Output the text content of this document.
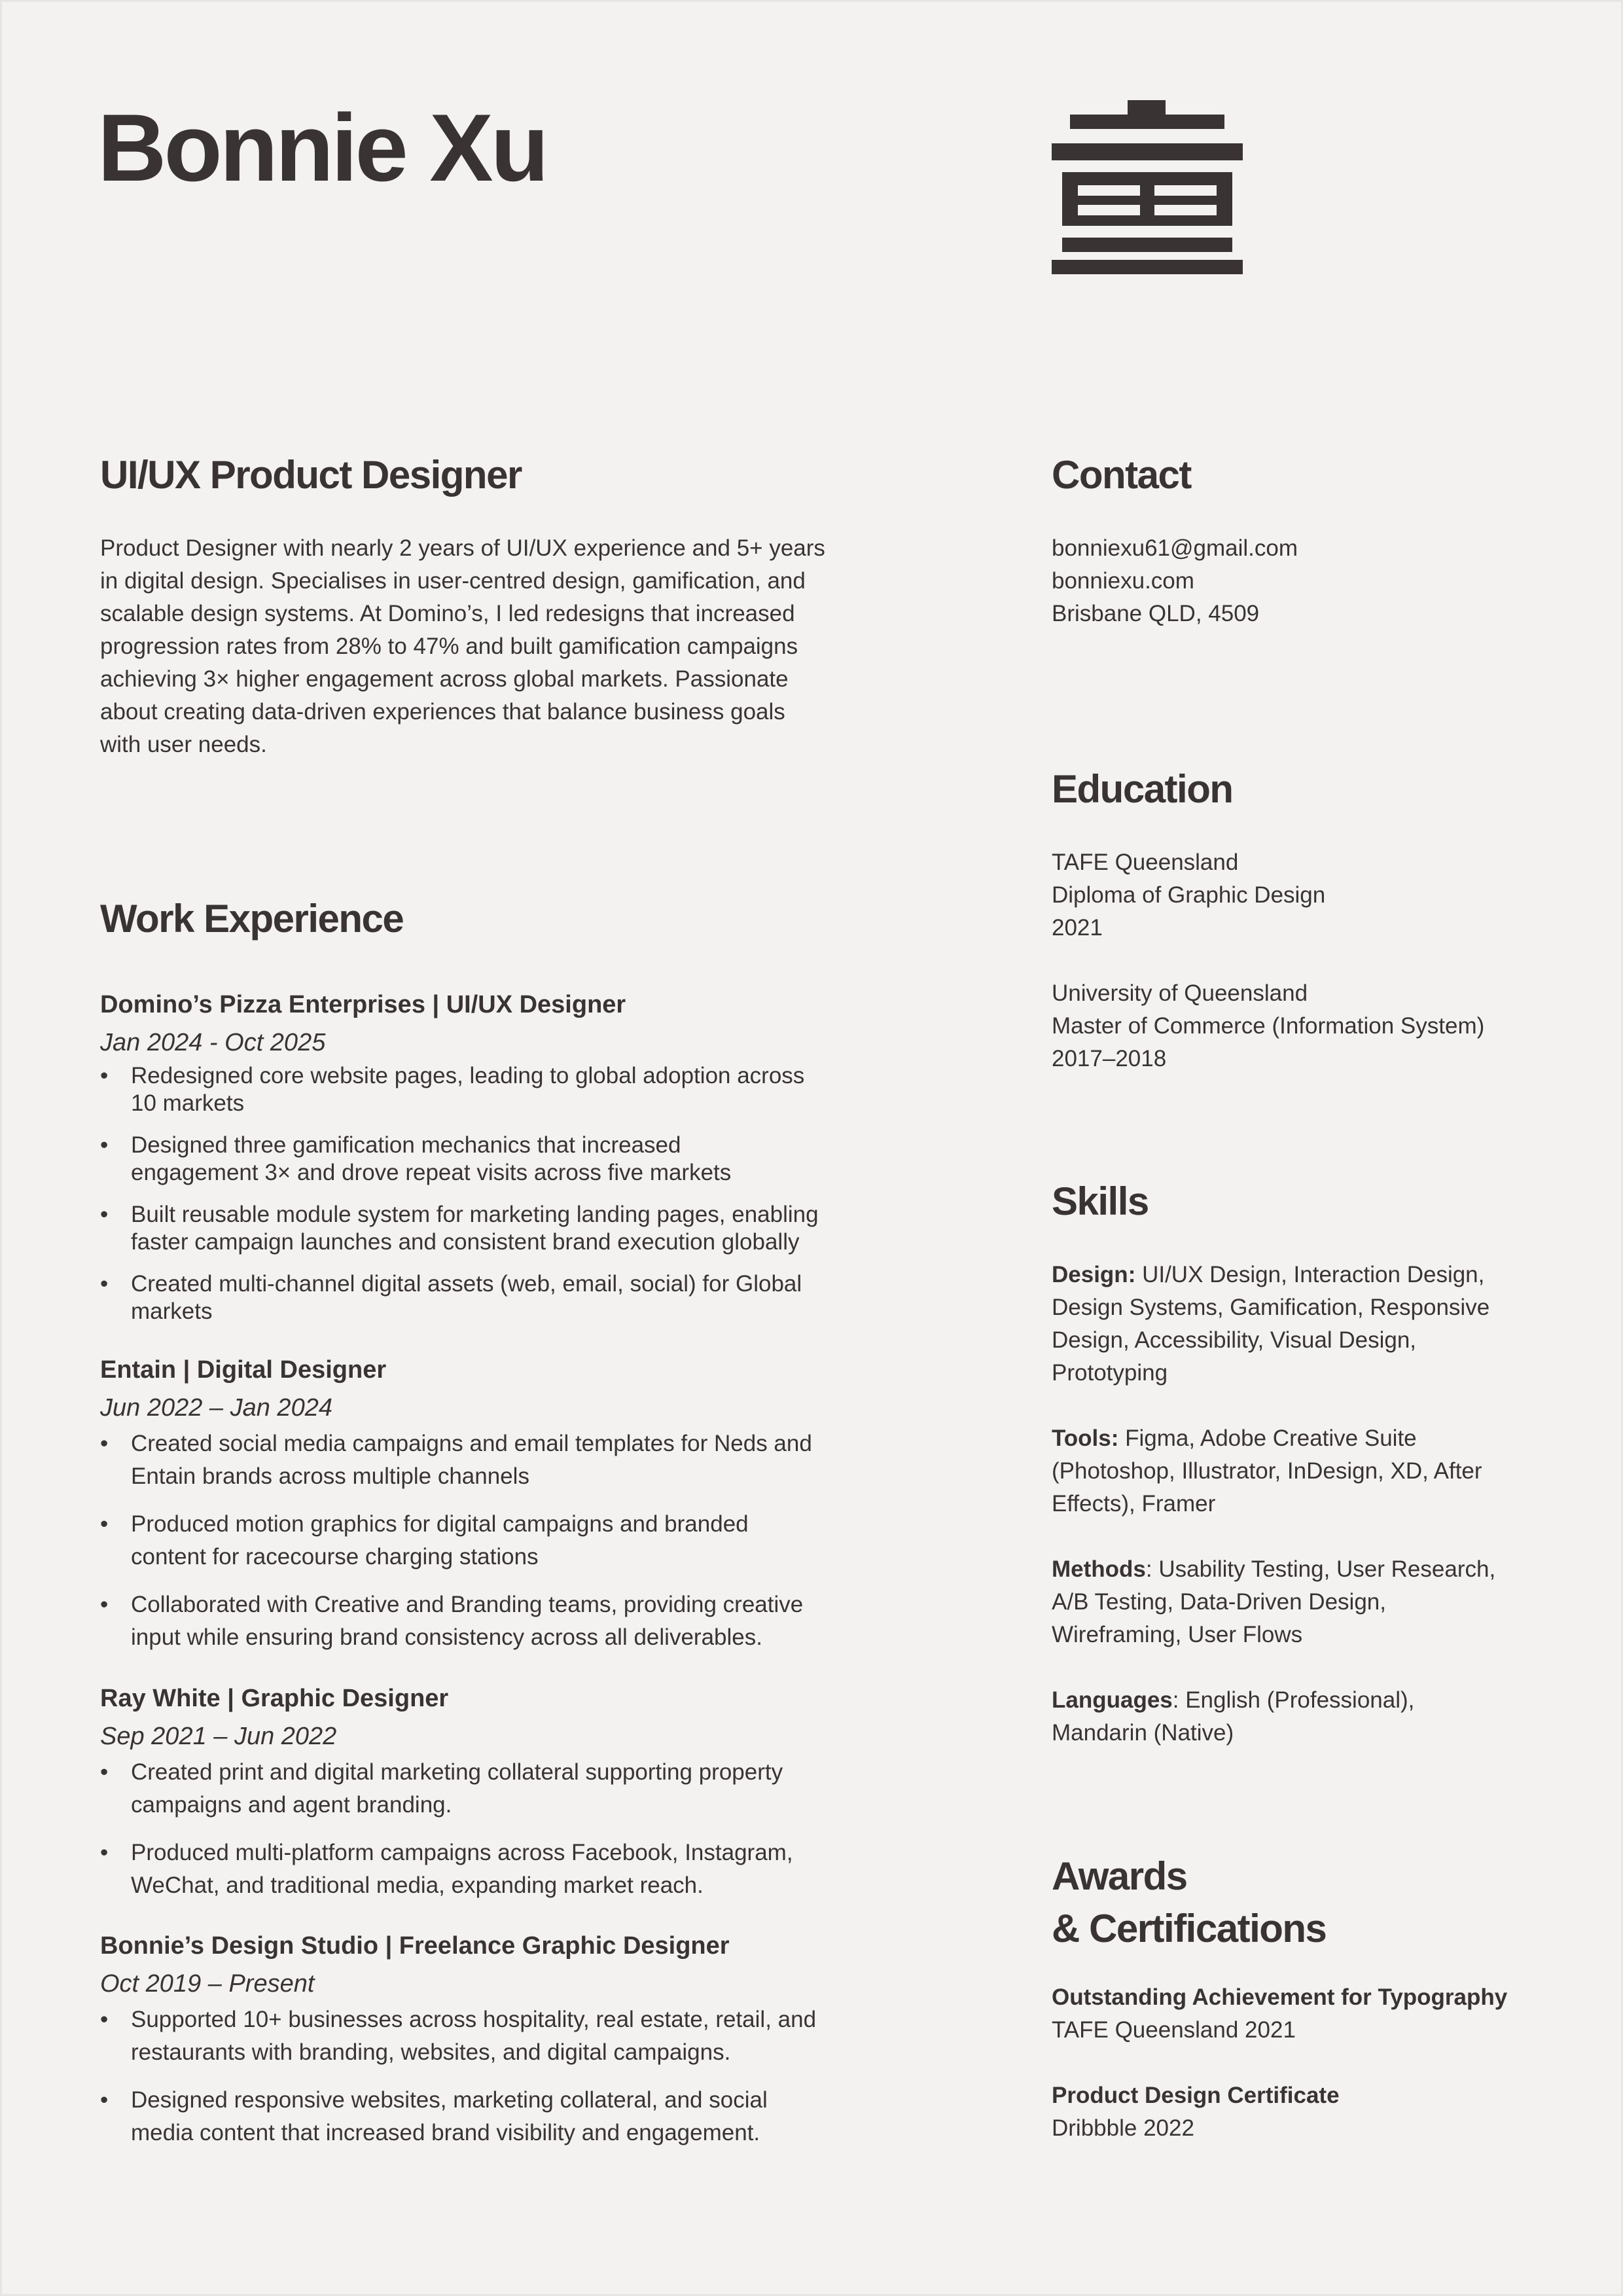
Bonnie Xu
UI/UX Product Designer

Product Designer with nearly 2 years of UI/UX experience and 5+ years

in digital design. Specialises in user-centred design, gamification, and

scalable design systems. At Domino’s, I led redesigns that increased

progression rates from 28% to 47% and built gamification campaigns

achieving 3× higher engagement across global markets. Passionate

about creating data-driven experiences that balance business goals

with user needs.

Work Experience
Domino’s Pizza Enterprises | UI/UX Designer
Jan 2024 - Oct 2025
• Redesigned core website pages, leading to global adoption across
10 markets
• Designed three gamification mechanics that increased
engagement 3× and drove repeat visits across five markets
• Built reusable module system for marketing landing pages, enabling
faster campaign launches and consistent brand execution globally
• Created multi-channel digital assets (web, email, social) for Global
markets
Entain | Digital Designer
Jun 2022 – Jan 2024
• Created social media campaigns and email templates for Neds and
Entain brands across multiple channels
• Produced motion graphics for digital campaigns and branded
content for racecourse charging stations
• Collaborated with Creative and Branding teams, providing creative
input while ensuring brand consistency across all deliverables.
Ray White | Graphic Designer
Sep 2021 – Jun 2022
• Created print and digital marketing collateral supporting property
campaigns and agent branding.
• Produced multi-platform campaigns across Facebook, Instagram,
WeChat, and traditional media, expanding market reach.
Bonnie’s Design Studio | Freelance Graphic Designer
Oct 2019 – Present
• Supported 10+ businesses across hospitality, real estate, retail, and
restaurants with branding, websites, and digital campaigns.
• Designed responsive websites, marketing collateral, and social
media content that increased brand visibility and engagement.
Contact

bonniexu61@gmail.com

bonniexu.com

Brisbane QLD, 4509

Education

TAFE Queensland

Diploma of Graphic Design

2021

University of Queensland

Master of Commerce (Information System)

2017–2018

Skills
Design: UI/UX Design, Interaction Design,
Design Systems, Gamification, Responsive
Design, Accessibility, Visual Design,
Prototyping
Tools: Figma, Adobe Creative Suite
(Photoshop, Illustrator, InDesign, XD, After
Effects), Framer
Methods: Usability Testing, User Research,
A/B Testing, Data-Driven Design,
Wireframing, User Flows
Languages: English (Professional),
Mandarin (Native)
Awards
& Certifications
Outstanding Achievement for Typography
TAFE Queensland 2021
Product Design Certificate
Dribbble 2022
